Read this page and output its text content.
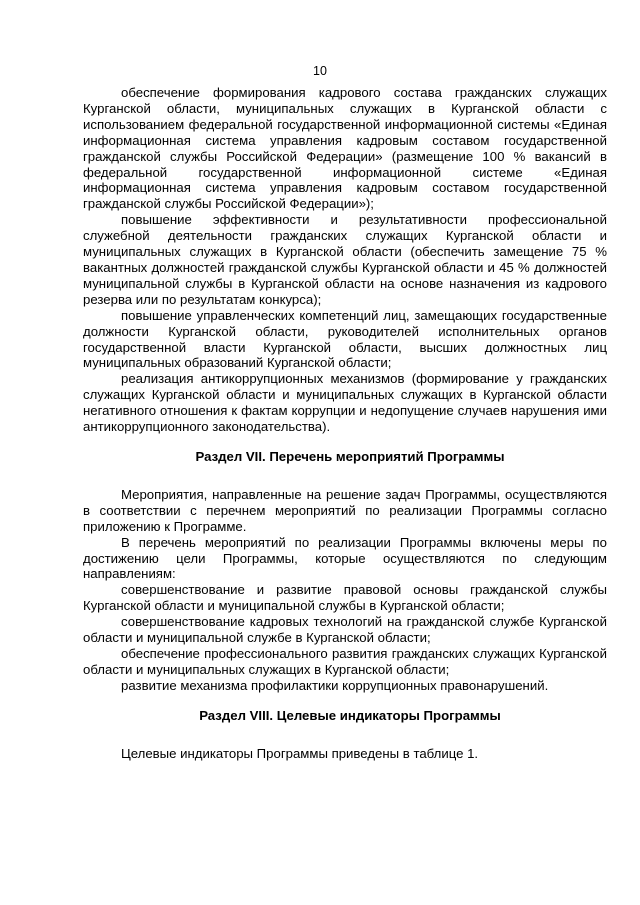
10

обеспечение формирования кадрового состава гражданских служащих Курганской области, муниципальных служащих в Курганской области с использованием федеральной государственной информационной системы «Единая информационная система управления кадровым составом государственной гражданской службы Российской Федерации» (размещение 100 % вакансий в федеральной государственной информационной системе «Единая информационная система управления кадровым составом государственной гражданской службы Российской Федерации»);

повышение эффективности и результативности профессиональной служебной деятельности гражданских служащих Курганской области и муниципальных служащих в Курганской области (обеспечить замещение 75 % вакантных должностей гражданской службы Курганской области и 45 % должностей муниципальной службы в Курганской области на основе назначения из кадрового резерва или по результатам конкурса);

повышение управленческих компетенций лиц, замещающих государственные должности Курганской области, руководителей исполнительных органов государственной власти Курганской области, высших должностных лиц муниципальных образований Курганской области;

реализация антикоррупционных механизмов (формирование у гражданских служащих Курганской области и муниципальных служащих в Курганской области негативного отношения к фактам коррупции и недопущение случаев нарушения ими антикоррупционного законодательства).

Раздел VII. Перечень мероприятий Программы

Мероприятия, направленные на решение задач Программы, осуществляются в соответствии с перечнем мероприятий по реализации Программы согласно приложению к Программе.

В перечень мероприятий по реализации Программы включены меры по достижению цели Программы, которые осуществляются по следующим направлениям:

совершенствование и развитие правовой основы гражданской службы Курганской области и муниципальной службы в Курганской области;

совершенствование кадровых технологий на гражданской службе Курганской области и муниципальной службе в Курганской области;

обеспечение профессионального развития гражданских служащих Курганской области и муниципальных служащих в Курганской области;

развитие механизма профилактики коррупционных правонарушений.

Раздел VIII. Целевые индикаторы Программы

Целевые индикаторы Программы приведены в таблице 1.
